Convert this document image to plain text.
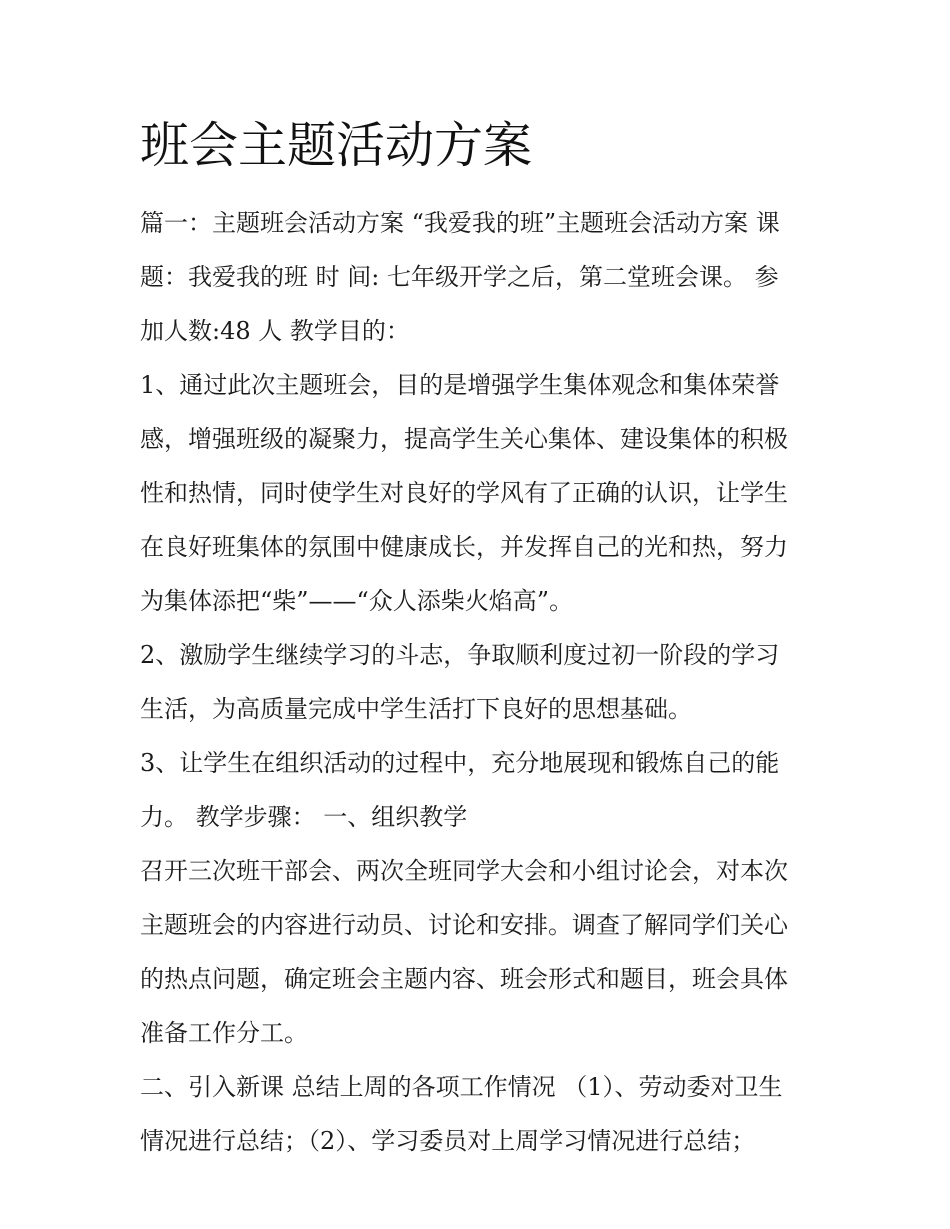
班会主题活动方案
篇一：主题班会活动方案 “我爱我的班”主题班会活动方案 课
题：我爱我的班 时 间: 七年级开学之后，第二堂班会课。 参
加人数:48 人 教学目的：
1、通过此次主题班会，目的是增强学生集体观念和集体荣誉
感，增强班级的凝聚力，提高学生关心集体、建设集体的积极
性和热情，同时使学生对良好的学风有了正确的认识，让学生
在良好班集体的氛围中健康成长，并发挥自己的光和热，努力
为集体添把“柴”——“众人添柴火焰高”。
2、激励学生继续学习的斗志，争取顺利度过初一阶段的学习
生活，为高质量完成中学生活打下良好的思想基础。
3、让学生在组织活动的过程中，充分地展现和锻炼自己的能
力。 教学步骤： 一、组织教学
召开三次班干部会、两次全班同学大会和小组讨论会，对本次
主题班会的内容进行动员、讨论和安排。调查了解同学们关心
的热点问题，确定班会主题内容、班会形式和题目，班会具体
准备工作分工。
二、引入新课 总结上周的各项工作情况 （1）、劳动委对卫生
情况进行总结；（2）、学习委员对上周学习情况进行总结；
